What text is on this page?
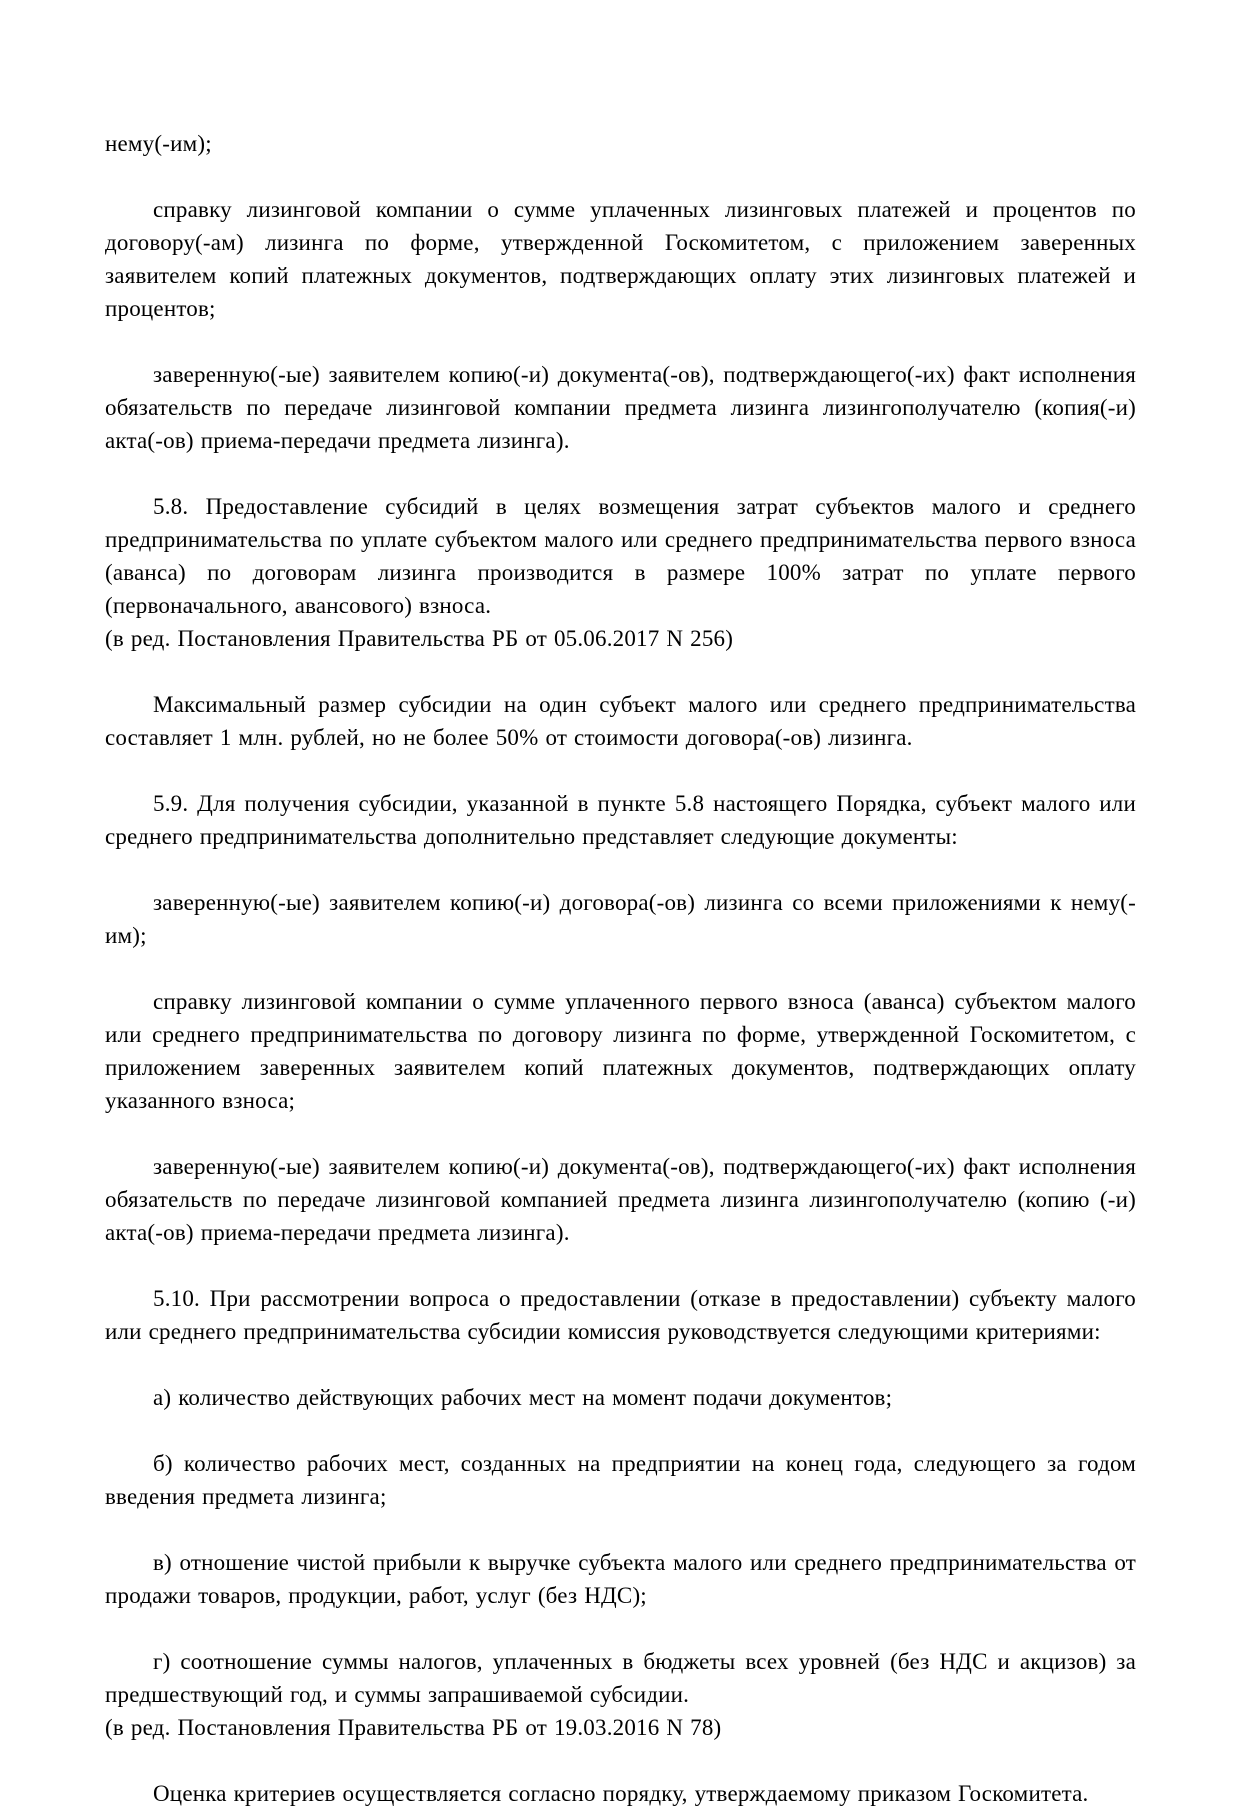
нему(-им);

справку лизинговой компании о сумме уплаченных лизинговых платежей и процентов по договору(-ам) лизинга по форме, утвержденной Госкомитетом, с приложением заверенных заявителем копий платежных документов, подтверждающих оплату этих лизинговых платежей и процентов;

заверенную(-ые) заявителем копию(-и) документа(-ов), подтверждающего(-их) факт исполнения обязательств по передаче лизинговой компании предмета лизинга лизингополучателю (копия(-и) акта(-ов) приема-передачи предмета лизинга).

5.8. Предоставление субсидий в целях возмещения затрат субъектов малого и среднего предпринимательства по уплате субъектом малого или среднего предпринимательства первого взноса (аванса) по договорам лизинга производится в размере 100% затрат по уплате первого (первоначального, авансового) взноса.

(в ред. Постановления Правительства РБ от 05.06.2017 N 256)

Максимальный размер субсидии на один субъект малого или среднего предпринимательства составляет 1 млн. рублей, но не более 50% от стоимости договора(-ов) лизинга.

5.9. Для получения субсидии, указанной в пункте 5.8 настоящего Порядка, субъект малого или среднего предпринимательства дополнительно представляет следующие документы:

заверенную(-ые) заявителем копию(-и) договора(-ов) лизинга со всеми приложениями к нему(-им);

справку лизинговой компании о сумме уплаченного первого взноса (аванса) субъектом малого или среднего предпринимательства по договору лизинга по форме, утвержденной Госкомитетом, с приложением заверенных заявителем копий платежных документов, подтверждающих оплату указанного взноса;

заверенную(-ые) заявителем копию(-и) документа(-ов), подтверждающего(-их) факт исполнения обязательств по передаче лизинговой компанией предмета лизинга лизингополучателю (копию (-и) акта(-ов) приема-передачи предмета лизинга).

5.10. При рассмотрении вопроса о предоставлении (отказе в предоставлении) субъекту малого или среднего предпринимательства субсидии комиссия руководствуется следующими критериями:

а) количество действующих рабочих мест на момент подачи документов;

б) количество рабочих мест, созданных на предприятии на конец года, следующего за годом введения предмета лизинга;

в) отношение чистой прибыли к выручке субъекта малого или среднего предпринимательства от продажи товаров, продукции, работ, услуг (без НДС);

г) соотношение суммы налогов, уплаченных в бюджеты всех уровней (без НДС и акцизов) за предшествующий год, и суммы запрашиваемой субсидии.

(в ред. Постановления Правительства РБ от 19.03.2016 N 78)

Оценка критериев осуществляется согласно порядку, утверждаемому приказом Госкомитета.
